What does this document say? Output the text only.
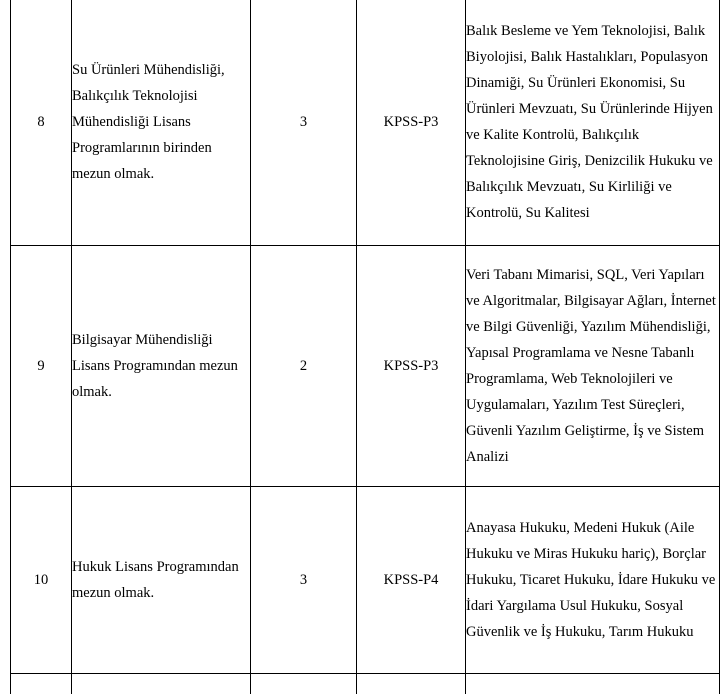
8	Su Ürünleri Mühendisliği, Balıkçılık Teknolojisi Mühendisliği Lisans Programlarının birinden mezun olmak.	3	KPSS-P3	Balık Besleme ve Yem Teknolojisi, Balık Biyolojisi, Balık Hastalıkları, Populasyon Dinamiği, Su Ürünleri Ekonomisi, Su Ürünleri Mevzuatı, Su Ürünlerinde Hijyen ve Kalite Kontrolü, Balıkçılık Teknolojisine Giriş, Denizcilik Hukuku ve Balıkçılık Mevzuatı, Su Kirliliği ve Kontrolü, Su Kalitesi
9	Bilgisayar Mühendisliği Lisans Programından mezun olmak.	2	KPSS-P3	Veri Tabanı Mimarisi, SQL, Veri Yapıları ve Algoritmalar, Bilgisayar Ağları, İnternet ve Bilgi Güvenliği, Yazılım Mühendisliği, Yapısal Programlama ve Nesne Tabanlı Programlama, Web Teknolojileri ve Uygulamaları, Yazılım Test Süreçleri, Güvenli Yazılım Geliştirme, İş ve Sistem Analizi
10	Hukuk Lisans Programından mezun olmak.	3	KPSS-P4	Anayasa Hukuku, Medeni Hukuk (Aile Hukuku ve Miras Hukuku hariç), Borçlar Hukuku, Ticaret Hukuku, İdare Hukuku ve İdari Yargılama Usul Hukuku, Sosyal Güvenlik ve İş Hukuku, Tarım Hukuku
